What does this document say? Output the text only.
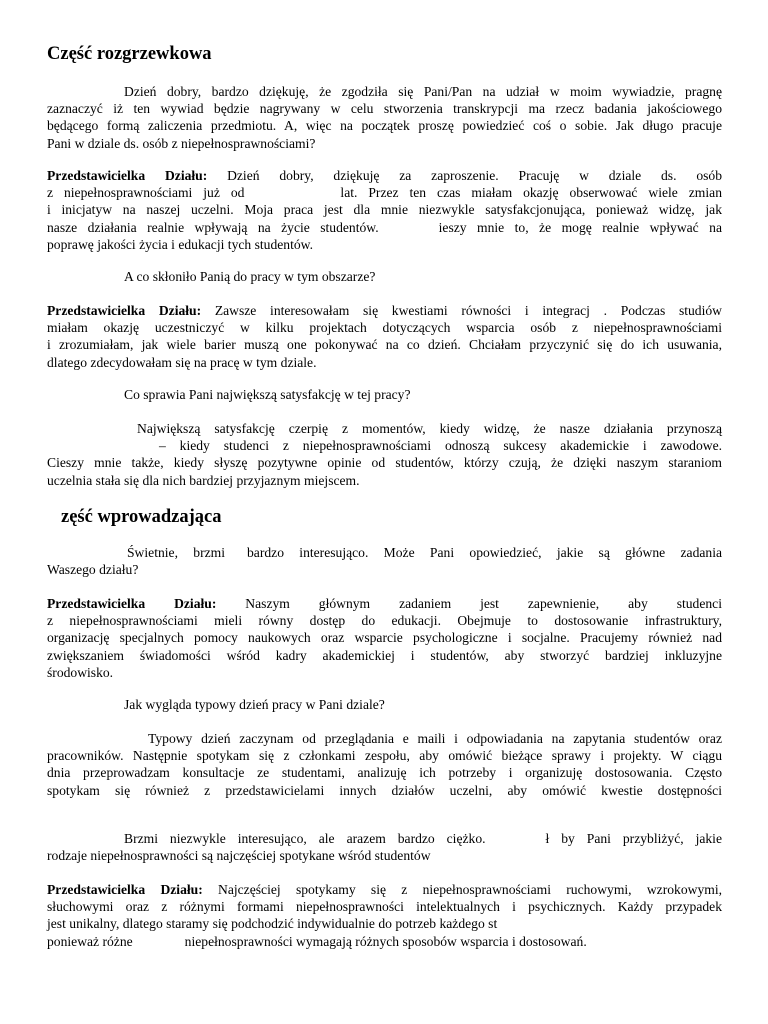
Część rozgrzewkowa
Dzień dobry, bardzo dziękuję, że zgodziła się Pani/Pan na udział w moim wywiadzie, pragnę
zaznaczyć iż ten wywiad będzie nagrywany w celu stworzenia transkrypcji ma rzecz badania jakościowego
będącego formą zaliczenia przedmiotu. A, więc na początek proszę powiedzieć coś o sobie. Jak długo pracuje
Pani w dziale ds. osób z niepełnosprawnościami?
Przedstawicielka Działu: Dzień dobry, dziękuję za zaproszenie. Pracuję w dziale ds. osób
z niepełnosprawnościami już od	lat. Przez ten czas miałam okazję obserwować wiele zmian
i inicjatyw na naszej uczelni. Moja praca jest dla mnie niezwykle satysfakcjonująca, ponieważ widzę, jak
nasze działania realnie wpływają na życie studentów.	ieszy mnie to, że mogę realnie wpływać na
poprawę jakości życia i edukacji tych studentów.
A co skłoniło Panią do pracy w tym obszarze?
Przedstawicielka Działu: Zawsze interesowałam się kwestiami równości i integracj . Podczas studiów
miałam okazję uczestniczyć w kilku projektach dotyczących wsparcia osób z niepełnosprawnościami
i zrozumiałam, jak wiele barier muszą one pokonywać na co dzień. Chciałam przyczynić się do ich usuwania,
dlatego zdecydowałam się na pracę w tym dziale.
Co sprawia Pani największą satysfakcję w tej pracy?
Największą satysfakcję czerpię z momentów, kiedy widzę, że nasze działania przynoszą
– kiedy studenci z niepełnosprawnościami odnoszą sukcesy akademickie i zawodowe.
Cieszy mnie także, kiedy słyszę pozytywne opinie od studentów, którzy czują, że dzięki naszym staraniom
uczelnia stała się dla nich bardziej przyjaznym miejscem.
zęść wprowadzająca
Świetnie, brzmi bardzo interesująco. Może Pani opowiedzieć, jakie są główne zadania
Waszego działu?
Przedstawicielka Działu: Naszym głównym zadaniem jest zapewnienie, aby studenci
z niepełnosprawnościami mieli równy dostęp do edukacji. Obejmuje to dostosowanie infrastruktury,
organizację specjalnych pomocy naukowych oraz wsparcie psychologiczne i socjalne. Pracujemy również nad
zwiększaniem świadomości wśród kadry akademickiej i studentów, aby stworzyć bardziej inkluzyjne
środowisko.
Jak wygląda typowy dzień pracy w Pani dziale?
Typowy dzień zaczynam od przeglądania e maili i odpowiadania na zapytania studentów oraz
pracowników. Następnie spotykam się z członkami zespołu, aby omówić bieżące sprawy i projekty. W ciągu
dnia przeprowadzam konsultacje ze studentami, analizuję ich potrzeby i organizuję dostosowania. Często
spotykam się również z przedstawicielami innych działów uczelni, aby omówić kwestie dostępności
Brzmi niezwykle interesująco, ale arazem bardzo ciężko.	ł by Pani przybliżyć, jakie
rodzaje niepełnosprawności są najczęściej spotykane wśród studentów
Przedstawicielka Działu: Najczęściej spotykamy się z niepełnosprawnościami ruchowymi, wzrokowymi,
słuchowymi oraz z różnymi formami niepełnosprawności intelektualnych i psychicznych. Każdy przypadek
jest unikalny, dlatego staramy się podchodzić indywidualnie do potrzeb każdego st
ponieważ różne	niepełnosprawności wymagają różnych sposobów wsparcia i dostosowań.
